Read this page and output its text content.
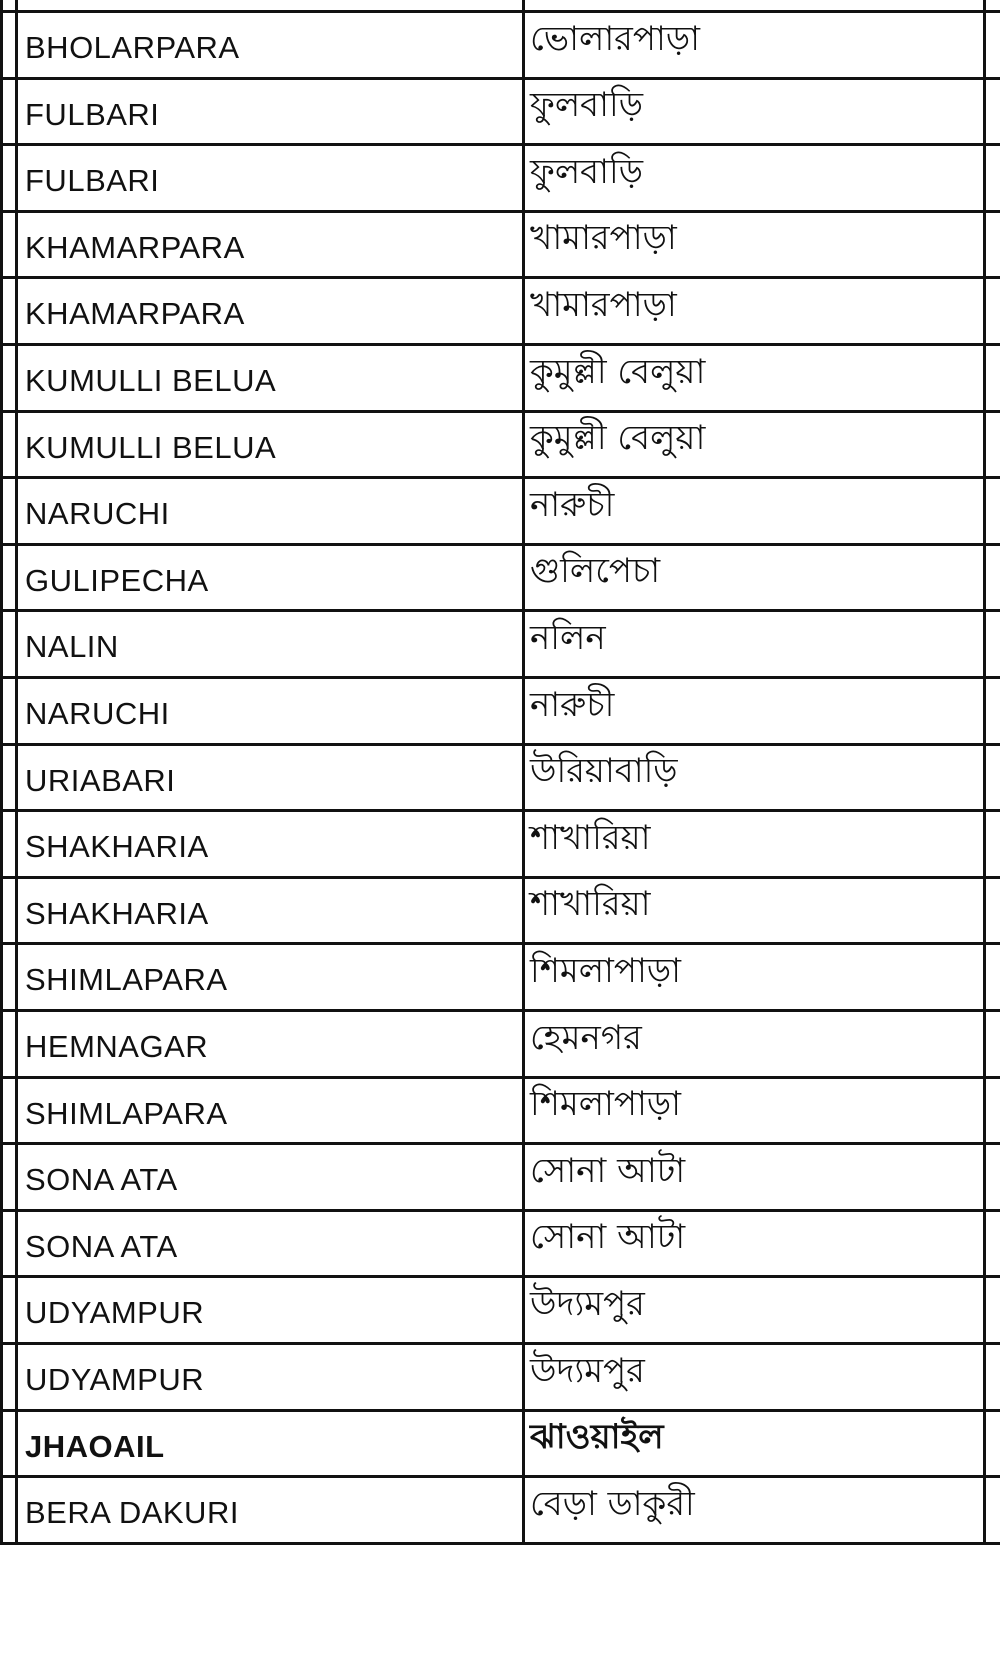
BHOLARPARA	ভোলারপাড়া
FULBARI	ফুলবাড়ি
FULBARI	ফুলবাড়ি
KHAMARPARA	খামারপাড়া
KHAMARPARA	খামারপাড়া
KUMULLI BELUA	কুমুল্লী বেলুয়া
KUMULLI BELUA	কুমুল্লী বেলুয়া
NARUCHI	নারুচী
GULIPECHA	গুলিপেচা
NALIN	নলিন
NARUCHI	নারুচী
URIABARI	উরিয়াবাড়ি
SHAKHARIA	শাখারিয়া
SHAKHARIA	শাখারিয়া
SHIMLAPARA	শিমলাপাড়া
HEMNAGAR	হেমনগর
SHIMLAPARA	শিমলাপাড়া
SONA ATA	সোনা আটা
SONA ATA	সোনা আটা
UDYAMPUR	উদ্যমপুর
UDYAMPUR	উদ্যমপুর
JHAOAIL	ঝাওয়াইল
BERA DAKURI	বেড়া ডাকুরী
